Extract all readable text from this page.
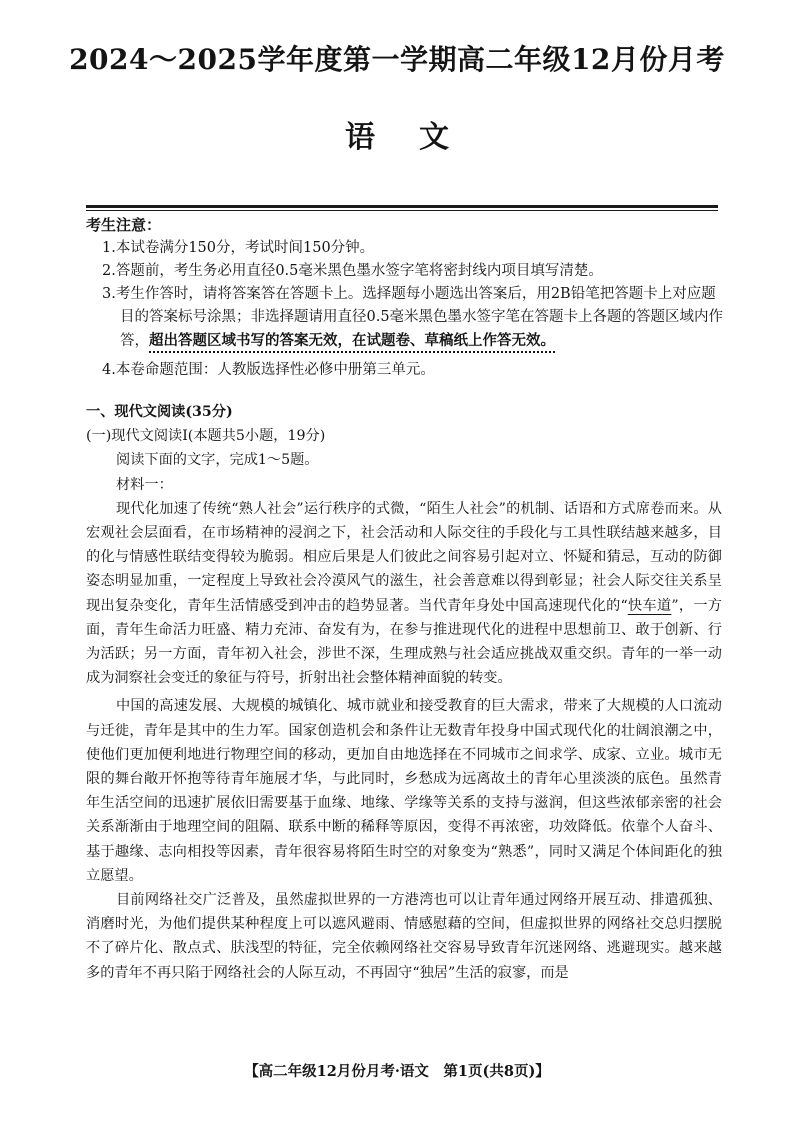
2024～2025学年度第一学期高二年级12月份月考
语文
考生注意：

1.本试卷满分150分，考试时间150分钟。

2.答题前，考生务必用直径0.5毫米黑色墨水签字笔将密封线内项目填写清楚。

3.考生作答时，请将答案答在答题卡上。选择题每小题选出答案后，用2B铅笔把答题卡上对应题目的答案标号涂黑；非选择题请用直径0.5毫米黑色墨水签字笔在答题卡上各题的答题区域内作答，超出答题区域书写的答案无效，在试题卷、草稿纸上作答无效。

4.本卷命题范围：人教版选择性必修中册第三单元。

一、现代文阅读(35分)

(一)现代文阅读Ⅰ(本题共5小题，19分)

阅读下面的文字，完成1～5题。

材料一：

现代化加速了传统“熟人社会”运行秩序的式微，“陌生人社会”的机制、话语和方式席卷而来。从宏观社会层面看，在市场精神的浸润之下，社会活动和人际交往的手段化与工具性联结越来越多，目的化与情感性联结变得较为脆弱。相应后果是人们彼此之间容易引起对立、怀疑和猜忌，互动的防御姿态明显加重，一定程度上导致社会冷漠风气的滋生，社会善意难以得到彰显；社会人际交往关系呈现出复杂变化，青年生活情感受到冲击的趋势显著。当代青年身处中国高速现代化的“快车道”，一方面，青年生命活力旺盛、精力充沛、奋发有为，在参与推进现代化的进程中思想前卫、敢于创新、行为活跃；另一方面，青年初入社会，涉世不深，生理成熟与社会适应挑战双重交织。青年的一举一动成为洞察社会变迁的象征与符号，折射出社会整体精神面貌的转变。

中国的高速发展、大规模的城镇化、城市就业和接受教育的巨大需求，带来了大规模的人口流动与迁徙，青年是其中的生力军。国家创造机会和条件让无数青年投身中国式现代化的壮阔浪潮之中，使他们更加便利地进行物理空间的移动，更加自由地选择在不同城市之间求学、成家、立业。城市无限的舞台敞开怀抱等待青年施展才华，与此同时，乡愁成为远离故土的青年心里淡淡的底色。虽然青年生活空间的迅速扩展依旧需要基于血缘、地缘、学缘等关系的支持与滋润，但这些浓郁亲密的社会关系渐渐由于地理空间的阻隔、联系中断的稀释等原因，变得不再浓密，功效降低。依靠个人奋斗、基于趣缘、志向相投等因素，青年很容易将陌生时空的对象变为“熟悉”，同时又满足个体间距化的独立愿望。

目前网络社交广泛普及，虽然虚拟世界的一方港湾也可以让青年通过网络开展互动、排遣孤独、消磨时光，为他们提供某种程度上可以遮风避雨、情感慰藉的空间，但虚拟世界的网络社交总归摆脱不了碎片化、散点式、肤浅型的特征，完全依赖网络社交容易导致青年沉迷网络、逃避现实。越来越多的青年不再只陷于网络社会的人际互动，不再固守“独居”生活的寂寥，而是

【高二年级12月份月考·语文　第1页(共8页)】
